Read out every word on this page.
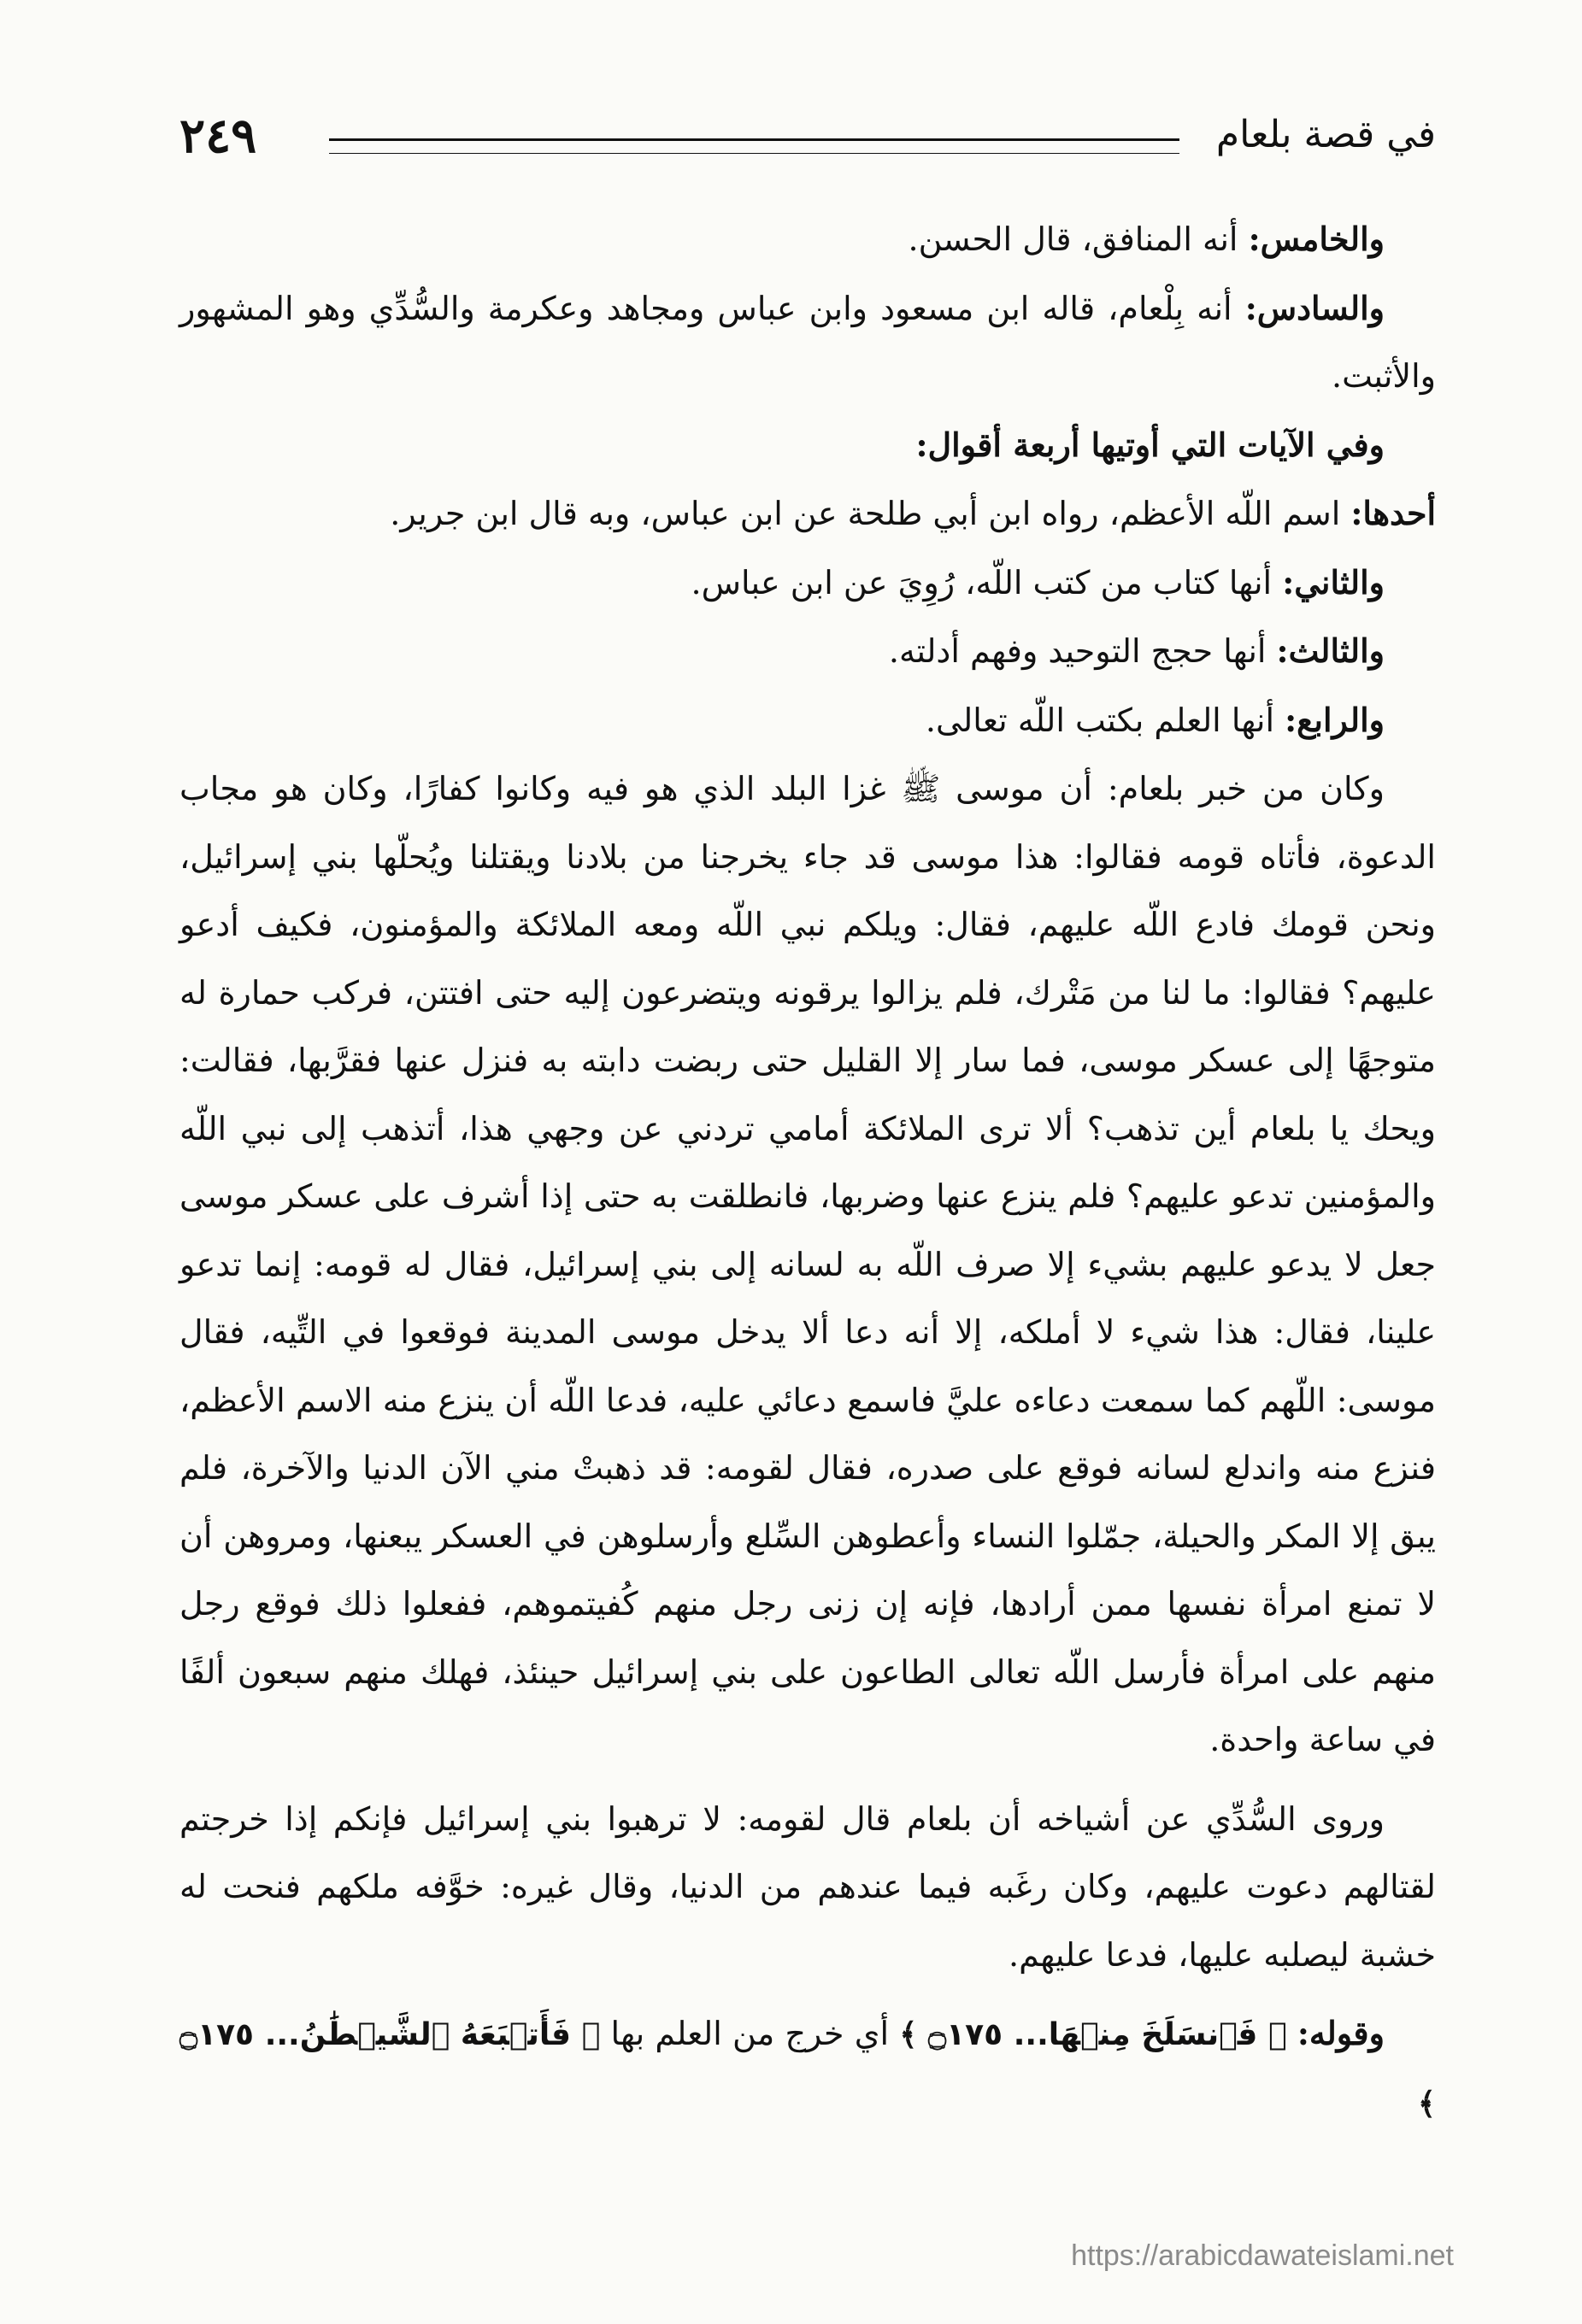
في قصة بلعام
٢٤٩

والخامس: أنه المنافق، قال الحسن.

والسادس: أنه بِلْعام، قاله ابن مسعود وابن عباس ومجاهد وعكرمة والسُّدِّي وهو المشهور والأثبت.

وفي الآيات التي أوتيها أربعة أقوال:

أحدها: اسم اللّه الأعظم، رواه ابن أبي طلحة عن ابن عباس، وبه قال ابن جرير.

والثاني: أنها كتاب من كتب اللّه، رُوِيَ عن ابن عباس.

والثالث: أنها حجج التوحيد وفهم أدلته.

والرابع: أنها العلم بكتب اللّه تعالى.

وكان من خبر بلعام: أن موسى ﷺ غزا البلد الذي هو فيه وكانوا كفارًا، وكان هو مجاب الدعوة، فأتاه قومه فقالوا: هذا موسى قد جاء يخرجنا من بلادنا ويقتلنا ويُحلّها بني إسرائيل، ونحن قومك فادع اللّه عليهم، فقال: ويلكم نبي اللّه ومعه الملائكة والمؤمنون، فكيف أدعو عليهم؟ فقالوا: ما لنا من مَتْرك، فلم يزالوا يرقونه ويتضرعون إليه حتى افتتن، فركب حمارة له متوجهًا إلى عسكر موسى، فما سار إلا القليل حتى ربضت دابته به فنزل عنها فقرَّبها، فقالت: ويحك يا بلعام أين تذهب؟ ألا ترى الملائكة أمامي تردني عن وجهي هذا، أتذهب إلى نبي اللّه والمؤمنين تدعو عليهم؟ فلم ينزع عنها وضربها، فانطلقت به حتى إذا أشرف على عسكر موسى جعل لا يدعو عليهم بشيء إلا صرف اللّه به لسانه إلى بني إسرائيل، فقال له قومه: إنما تدعو علينا، فقال: هذا شيء لا أملكه، إلا أنه دعا ألا يدخل موسى المدينة فوقعوا في التِّيه، فقال موسى: اللّهم كما سمعت دعاءه عليَّ فاسمع دعائي عليه، فدعا اللّه أن ينزع منه الاسم الأعظم، فنزع منه واندلع لسانه فوقع على صدره، فقال لقومه: قد ذهبتْ مني الآن الدنيا والآخرة، فلم يبق إلا المكر والحيلة، جمّلوا النساء وأعطوهن السِّلع وأرسلوهن في العسكر يبعنها، ومروهن أن لا تمنع امرأة نفسها ممن أرادها، فإنه إن زنى رجل منهم كُفيتموهم، ففعلوا ذلك فوقع رجل منهم على امرأة فأرسل اللّه تعالى الطاعون على بني إسرائيل حينئذ، فهلك منهم سبعون ألفًا في ساعة واحدة.

وروى السُّدِّي عن أشياخه أن بلعام قال لقومه: لا ترهبوا بني إسرائيل فإنكم إذا خرجتم لقتالهم دعوت عليهم، وكان رغَبه فيما عندهم من الدنيا، وقال غيره: خوَّفه ملكهم فنحت له خشبة ليصلبه عليها، فدعا عليهم.

وقوله: ﴿ فَٱنسَلَخَ مِنۡهَا... ۝١٧٥ ﴾ أي خرج من العلم بها ﴿ فَأَتۡبَعَهُ ٱلشَّيۡطَٰنُ... ۝١٧٥ ﴾

https://arabicdawateislami.net
